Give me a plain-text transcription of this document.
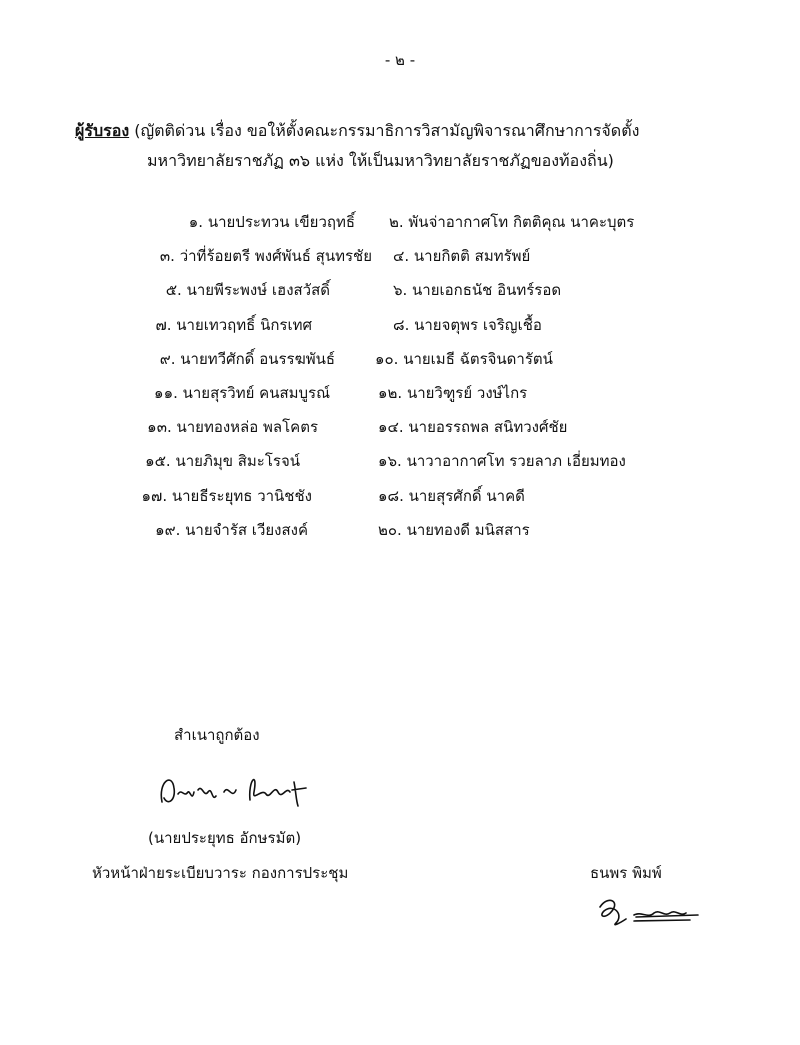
- ๒ -
ผู้รับรอง (ญัตติด่วน เรื่อง ขอให้ตั้งคณะกรรมาธิการวิสามัญพิจารณาศึกษาการจัดตั้ง
มหาวิทยาลัยราชภัฏ ๓๖ แห่ง ให้เป็นมหาวิทยาลัยราชภัฏของท้องถิ่น)
๑. นายประทวน เขียวฤทธิ์
๓. ว่าที่ร้อยตรี พงศ์พันธ์ สุนทรชัย
๕. นายพีระพงษ์ เฮงสวัสดิ์
๗. นายเทวฤทธิ์ นิกรเทศ
๙. นายทวีศักดิ์ อนรรฆพันธ์
๑๑. นายสุรวิทย์ คนสมบูรณ์
๑๓. นายทองหล่อ พลโคตร
๑๕. นายภิมุข สิมะโรจน์
๑๗. นายธีระยุทธ วานิชชัง
๑๙. นายจำรัส เวียงสงค์
๒. พันจ่าอากาศโท กิตติคุณ นาคะบุตร
๔. นายกิตติ สมทรัพย์
๖. นายเอกธนัช อินทร์รอด
๘. นายจตุพร เจริญเชื้อ
๑๐. นายเมธี ฉัตรจินดารัตน์
๑๒. นายวิฑูรย์ วงษ์ไกร
๑๔. นายอรรถพล สนิทวงศ์ชัย
๑๖. นาวาอากาศโท รวยลาภ เอี่ยมทอง
๑๘. นายสุรศักดิ์ นาคดี
๒๐. นายทองดี มนิสสาร
สำเนาถูกต้อง
(นายประยุทธ อักษรมัต)
หัวหน้าฝ่ายระเบียบวาระ กองการประชุม	ธนพร พิมพ์
